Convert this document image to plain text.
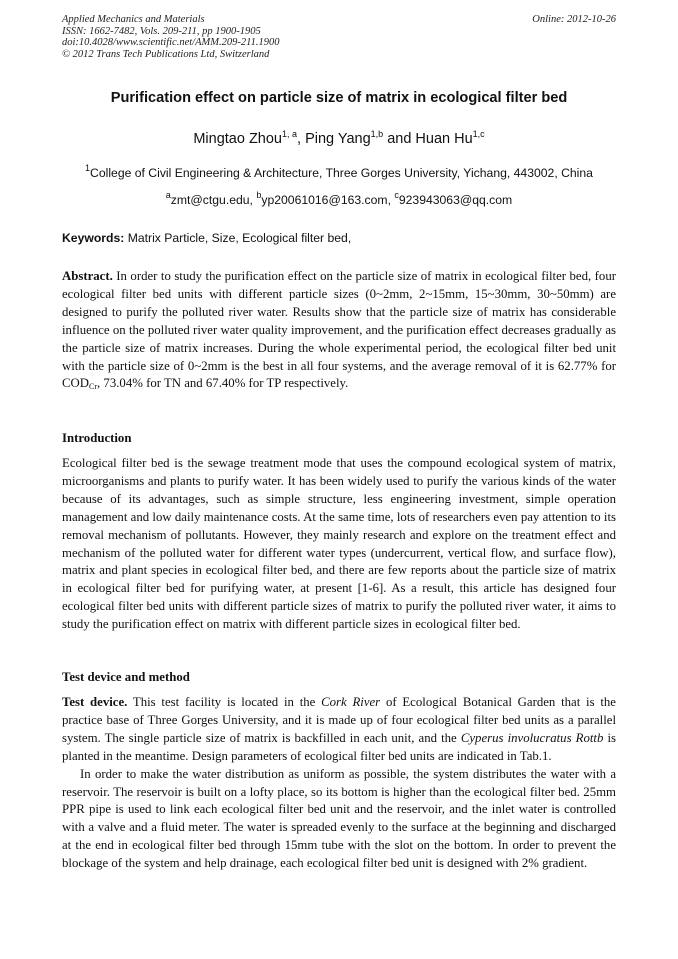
Applied Mechanics and Materials
ISSN: 1662-7482, Vols. 209-211, pp 1900-1905
doi:10.4028/www.scientific.net/AMM.209-211.1900
© 2012 Trans Tech Publications Ltd, Switzerland
Online: 2012-10-26
Purification effect on particle size of matrix in ecological filter bed
Mingtao Zhou$^{1, a}$, Ping Yang$^{1,b}$ and Huan Hu$^{1,c}$
$^1$College of Civil Engineering & Architecture, Three Gorges University, Yichang, 443002, China
$^a$zmt@ctgu.edu, $^b$yp20061016@163.com, $^c$923943063@qq.com
Keywords: Matrix Particle, Size, Ecological filter bed,

Abstract. In order to study the purification effect on the particle size of matrix in ecological filter bed, four ecological filter bed units with different particle sizes (0~2mm, 2~15mm, 15~30mm, 30~50mm) are designed to purify the polluted river water. Results show that the particle size of matrix has considerable influence on the polluted river water quality improvement, and the purification effect decreases gradually as the particle size of matrix increases. During the whole experimental period, the ecological filter bed unit with the particle size of 0~2mm is the best in all four systems, and the average removal of it is 62.77% for $COD_{Cr}$, 73.04% for TN and 67.40% for TP respectively.

Introduction

Ecological filter bed is the sewage treatment mode that uses the compound ecological system of matrix, microorganisms and plants to purify water. It has been widely used to purify the various kinds of the water because of its advantages, such as simple structure, less engineering investment, simple operation management and low daily maintenance costs. At the same time, lots of researchers even pay attention to its removal mechanism of pollutants. However, they mainly research and explore on the treatment effect and mechanism of the polluted water for different water types (undercurrent, vertical flow, and surface flow), matrix and plant species in ecological filter bed, and there are few reports about the particle size of matrix in ecological filter bed for purifying water, at present [1-6]. As a result, this article has designed four ecological filter bed units with different particle sizes of matrix to purify the polluted river water, it aims to study the purification effect on matrix with different particle sizes in ecological filter bed.

Test device and method

Test device. This test facility is located in the Cork River of Ecological Botanical Garden that is the practice base of Three Gorges University, and it is made up of four ecological filter bed units as a parallel system. The single particle size of matrix is backfilled in each unit, and the Cyperus involucratus Rottb is planted in the meantime. Design parameters of ecological filter bed units are indicated in Tab.1.

In order to make the water distribution as uniform as possible, the system distributes the water with a reservoir. The reservoir is built on a lofty place, so its bottom is higher than the ecological filter bed. 25mm PPR pipe is used to link each ecological filter bed unit and the reservoir, and the inlet water is controlled with a valve and a fluid meter. The water is spreaded evenly to the surface at the beginning and discharged at the end in ecological filter bed through 15mm tube with the slot on the bottom. In order to prevent the blockage of the system and help drainage, each ecological filter bed unit is designed with 2% gradient.
